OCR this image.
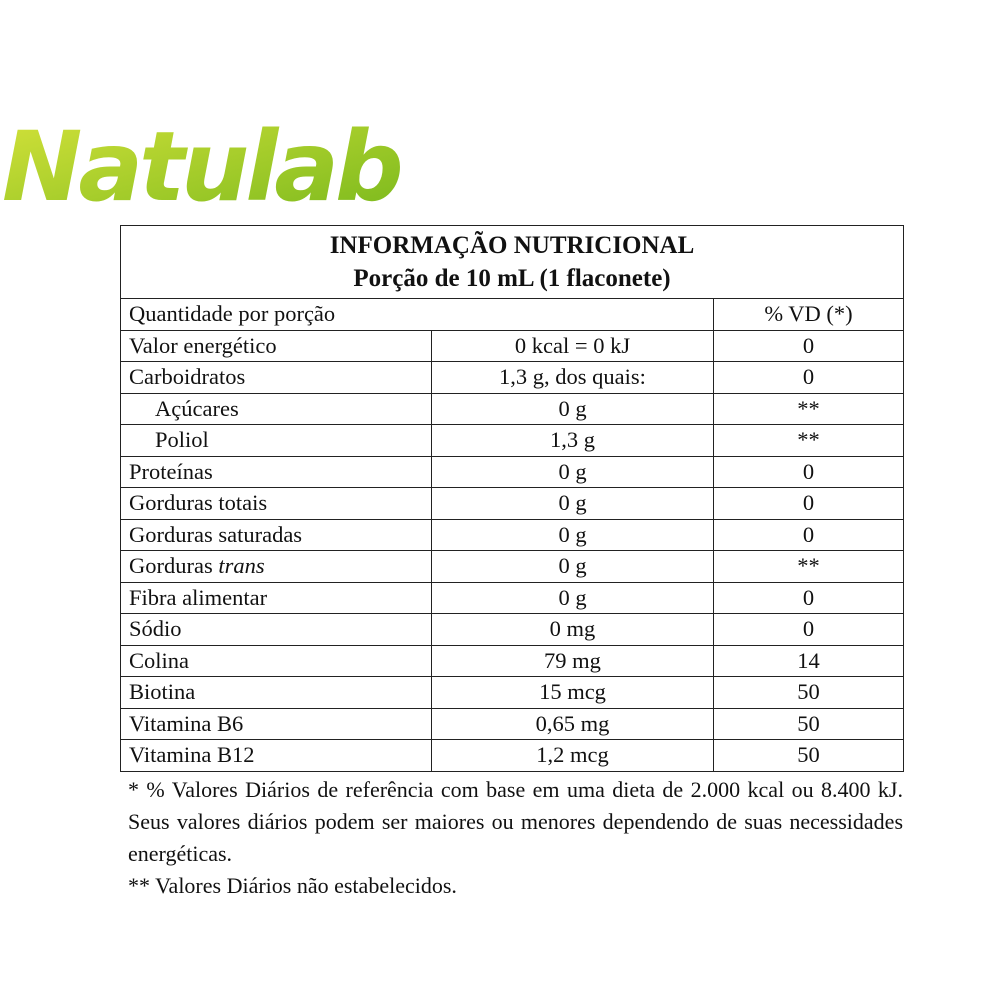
Natulab
INFORMAÇÃO NUTRICIONAL
Porção de 10 mL (1 flaconete)		

Quantidade por porção		% VD (*)
Valor energético	0 kcal = 0 kJ	0
Carboidratos	1,3 g, dos quais:	0
Açúcares	0 g	**
Poliol	1,3 g	**
Proteínas	0 g	0
Gorduras totais	0 g	0
Gorduras saturadas	0 g	0
Gorduras trans	0 g	**
Fibra alimentar	0 g	0
Sódio	0 mg	0
Colina	79 mg	14
Biotina	15 mcg	50
Vitamina B6	0,65 mg	50
Vitamina B12	1,2 mcg	50

* % Valores Diários de referência com base em uma dieta de 2.000 kcal ou 8.400 kJ. Seus valores diários podem ser maiores ou menores dependendo de suas necessidades energéticas.

** Valores Diários não estabelecidos.
